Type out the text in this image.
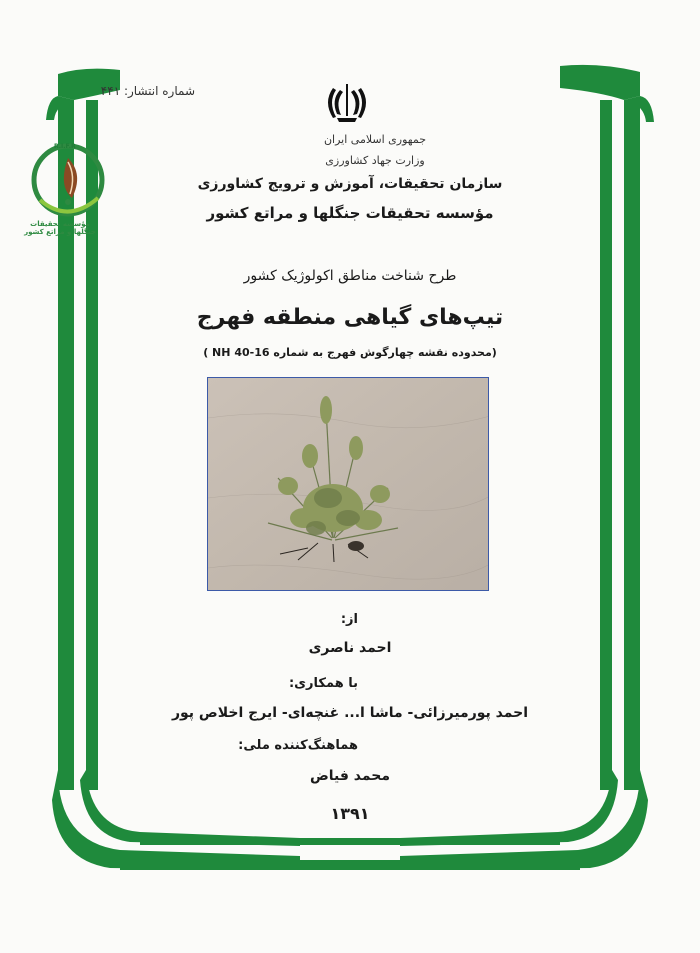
R.I.F.R
مؤسسه تحقیقات جنگلها و مراتع کشور
شماره انتشار: ۴۴۱
جمهوری اسلامی ایران
وزارت جهاد کشاورزی
سازمان تحقیقات، آموزش و ترویج کشاورزی
مؤسسه تحقیقات جنگلها و مراتع کشور
طرح شناخت مناطق اکولوژیک کشور
تیپ‌های گیاهی منطقه فهرج
(محدوده نقشه چهارگوش فهرج به شماره 16-40 NH )
از:
احمد ناصری
با همکاری:
احمد پورمیرزائی- ماشا ا... غنچه‌ای- ایرج اخلاص پور
هماهنگ‌کننده ملی:
محمد فیاض
۱۳۹۱
